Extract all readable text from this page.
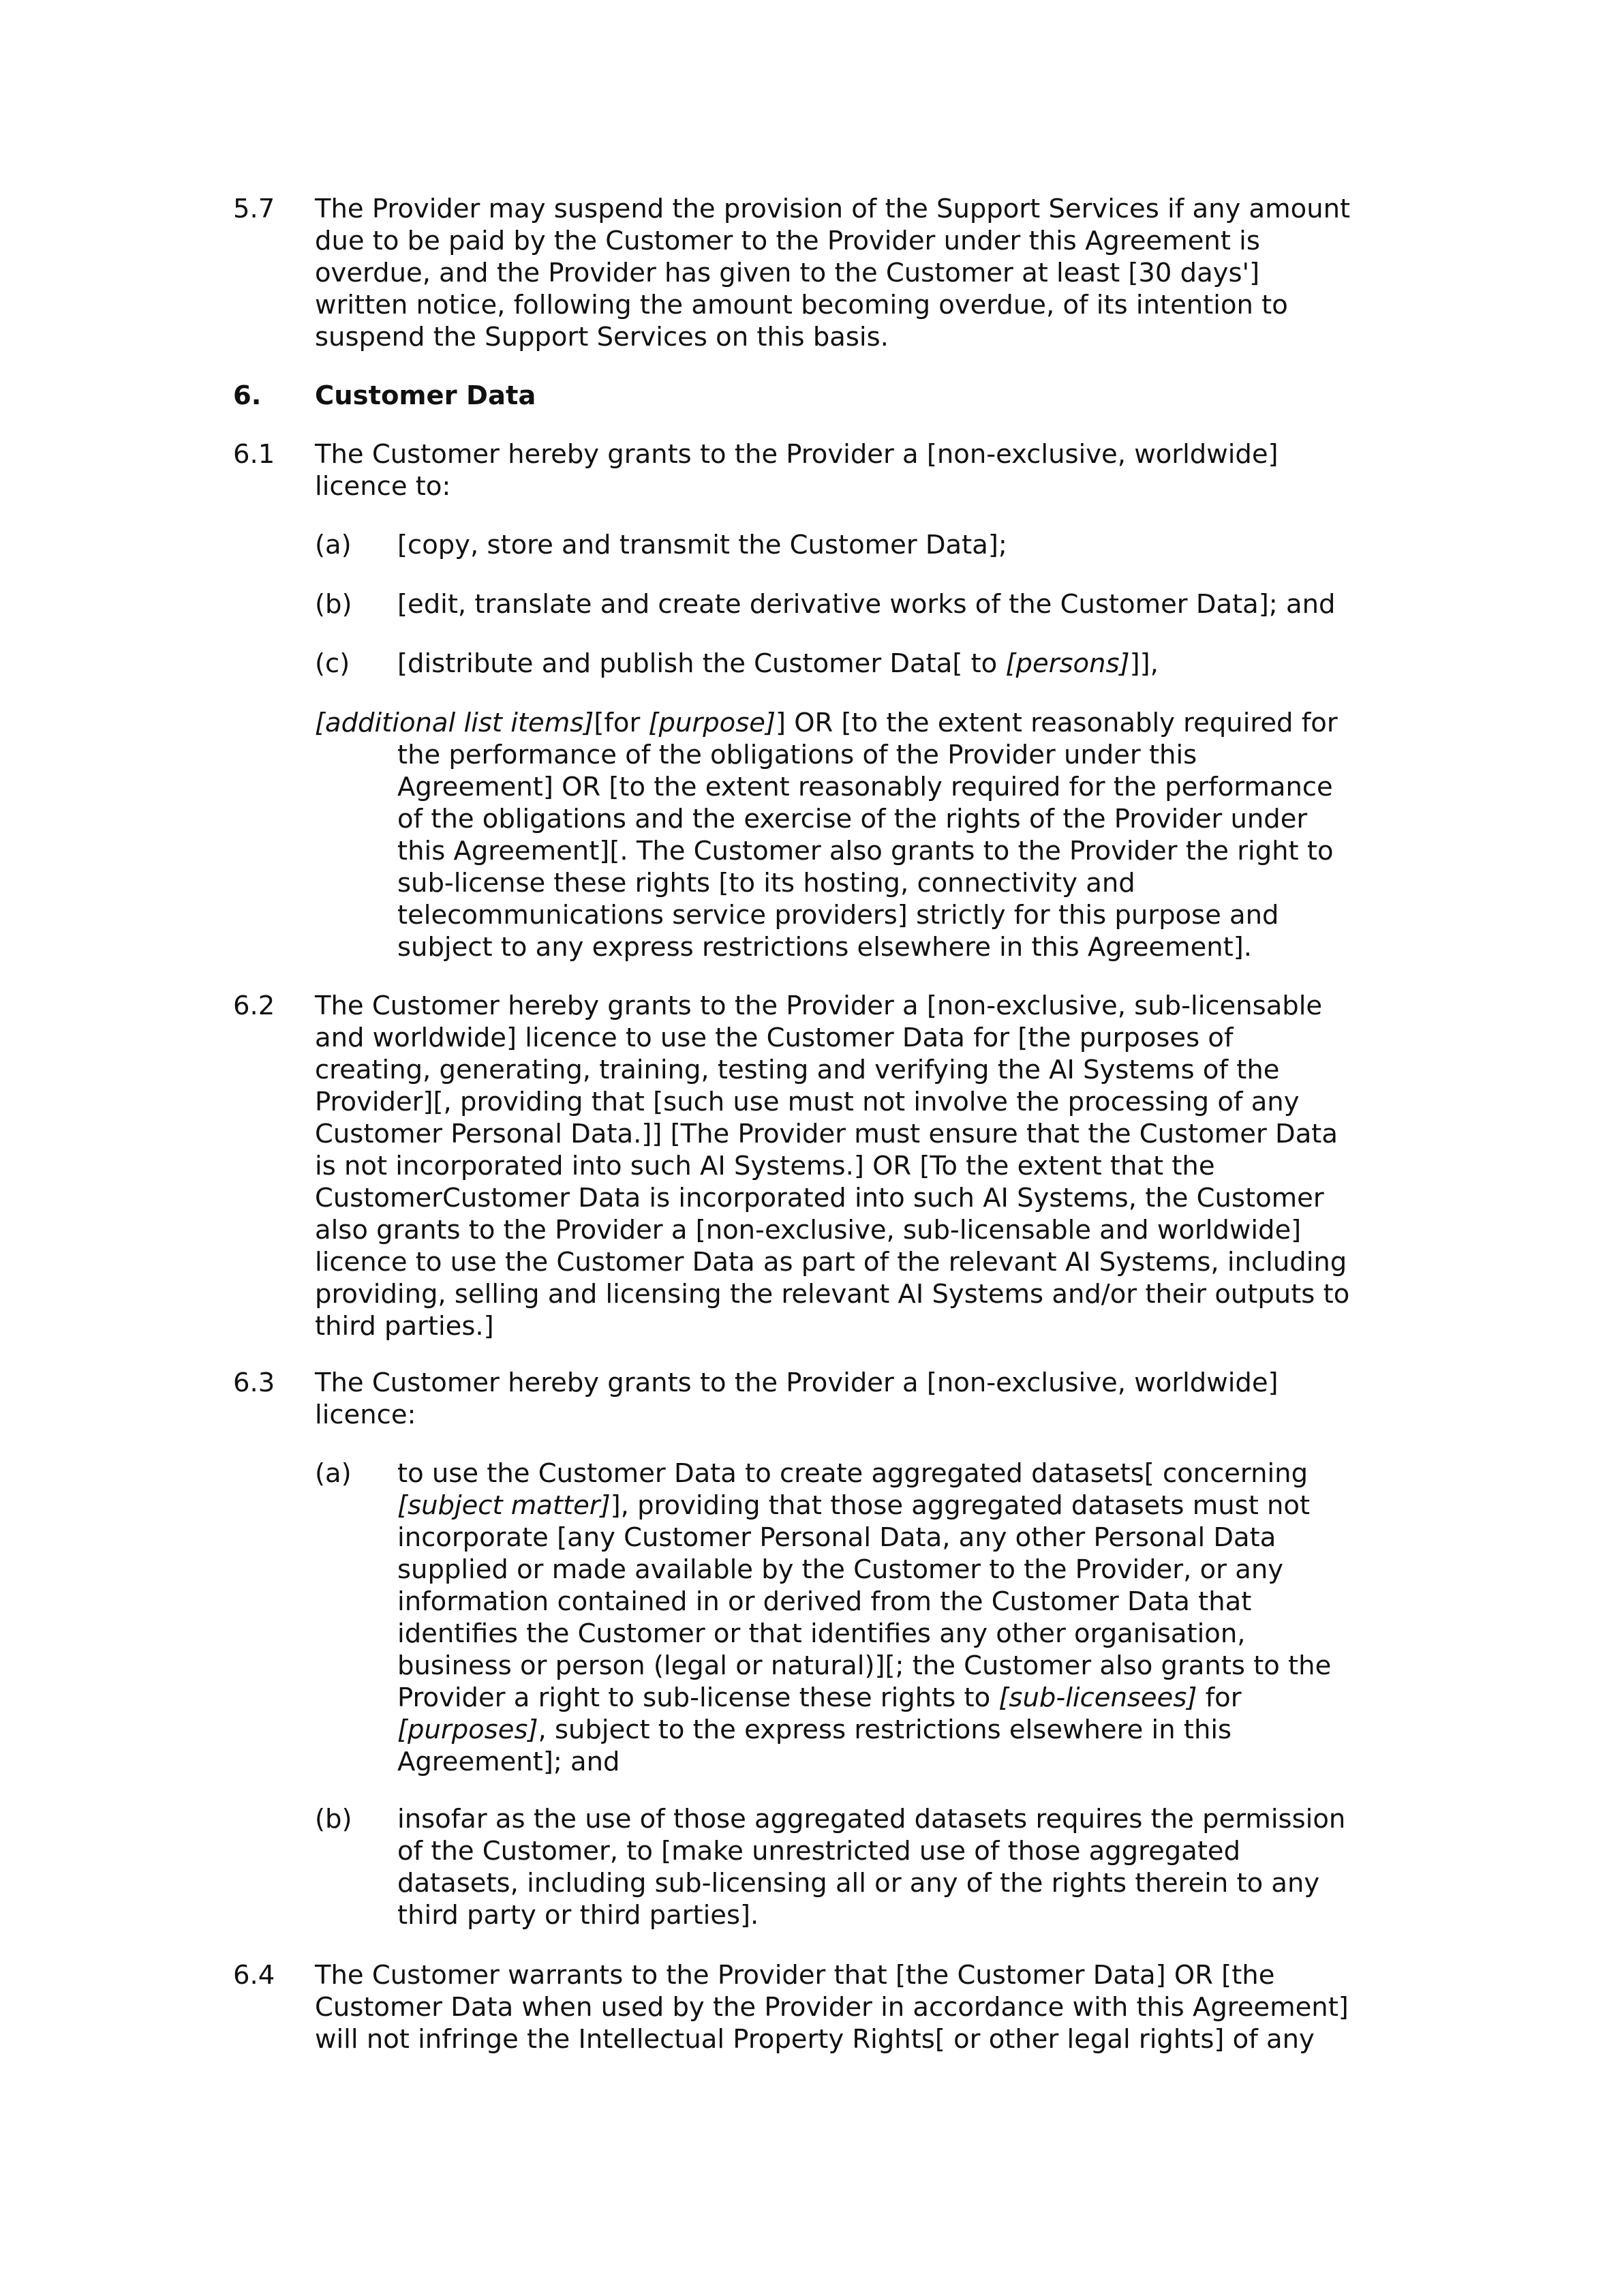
5.7 The Provider may suspend the provision of the Support Services if any amount
due to be paid by the Customer to the Provider under this Agreement is
overdue, and the Provider has given to the Customer at least [30 days']
written notice, following the amount becoming overdue, of its intention to
suspend the Support Services on this basis.
6. Customer Data
6.1 The Customer hereby grants to the Provider a [non-exclusive, worldwide]
licence to:
(a) [copy, store and transmit the Customer Data];
(b) [edit, translate and create derivative works of the Customer Data]; and
(c) [distribute and publish the Customer Data[ to [persons]]],
[additional list items][for [purpose]] OR [to the extent reasonably required for
the performance of the obligations of the Provider under this
Agreement] OR [to the extent reasonably required for the performance
of the obligations and the exercise of the rights of the Provider under
this Agreement][. The Customer also grants to the Provider the right to
sub-license these rights [to its hosting, connectivity and
telecommunications service providers] strictly for this purpose and
subject to any express restrictions elsewhere in this Agreement].
6.2 The Customer hereby grants to the Provider a [non-exclusive, sub-licensable
and worldwide] licence to use the Customer Data for [the purposes of
creating, generating, training, testing and verifying the AI Systems of the
Provider][, providing that [such use must not involve the processing of any
Customer Personal Data.]] [The Provider must ensure that the Customer Data
is not incorporated into such AI Systems.] OR [To the extent that the
CustomerCustomer Data is incorporated into such AI Systems, the Customer
also grants to the Provider a [non-exclusive, sub-licensable and worldwide]
licence to use the Customer Data as part of the relevant AI Systems, including
providing, selling and licensing the relevant AI Systems and/or their outputs to
third parties.]
6.3 The Customer hereby grants to the Provider a [non-exclusive, worldwide]
licence:
(a) to use the Customer Data to create aggregated datasets[ concerning
[subject matter]], providing that those aggregated datasets must not
incorporate [any Customer Personal Data, any other Personal Data
supplied or made available by the Customer to the Provider, or any
information contained in or derived from the Customer Data that
identifies the Customer or that identifies any other organisation,
business or person (legal or natural)][; the Customer also grants to the
Provider a right to sub-license these rights to [sub-licensees] for
[purposes], subject to the express restrictions elsewhere in this
Agreement]; and
(b) insofar as the use of those aggregated datasets requires the permission
of the Customer, to [make unrestricted use of those aggregated
datasets, including sub-licensing all or any of the rights therein to any
third party or third parties].
6.4 The Customer warrants to the Provider that [the Customer Data] OR [the
Customer Data when used by the Provider in accordance with this Agreement]
will not infringe the Intellectual Property Rights[ or other legal rights] of any
